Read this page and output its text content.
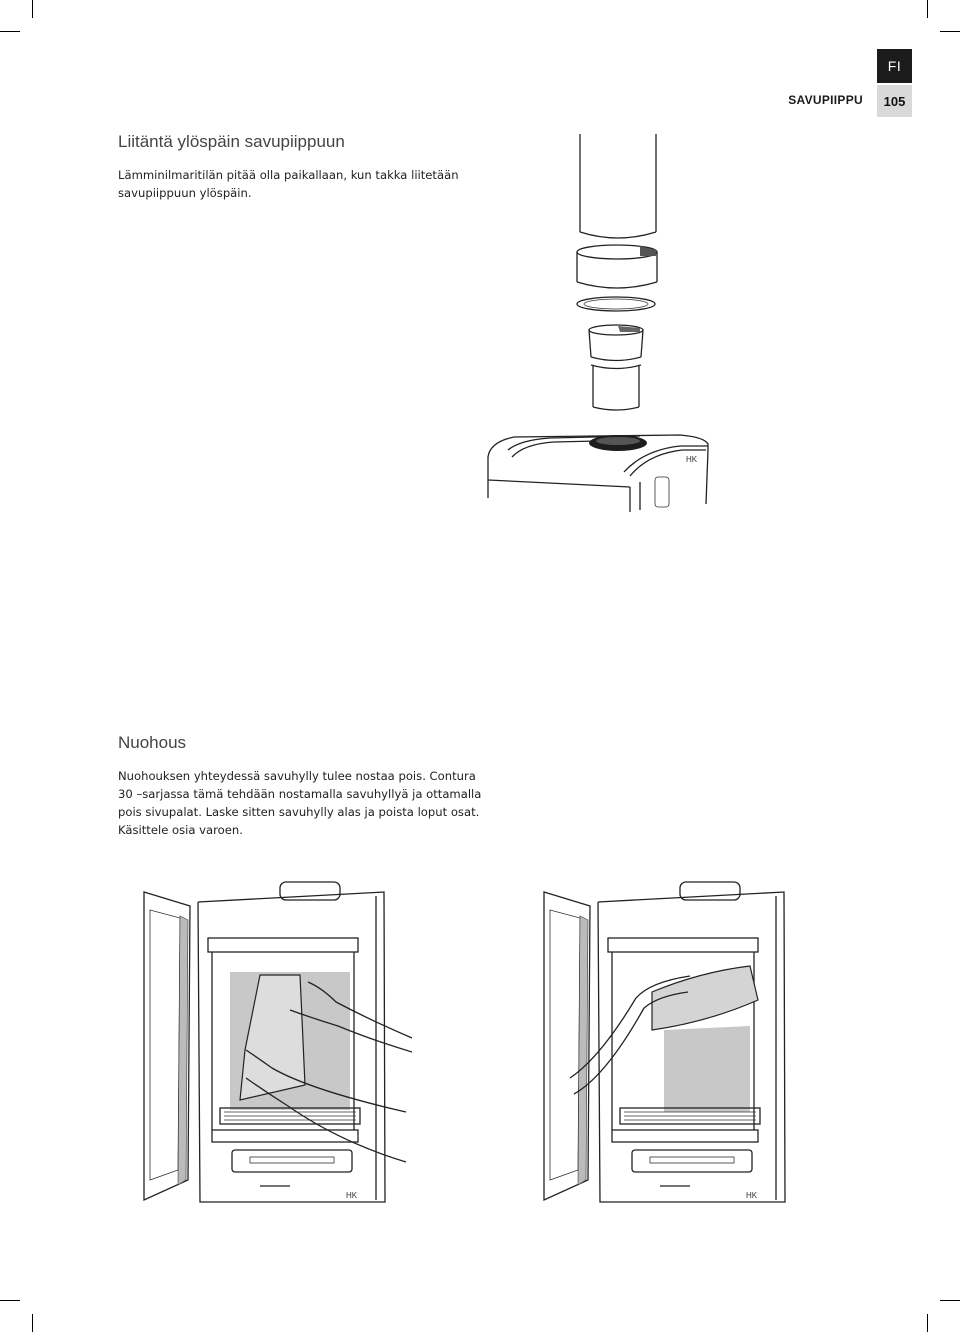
FI
105
SAVUPIIPPU
Liitäntä ylöspäin savupiippuun
Lämminilmaritilän pitää olla paikallaan, kun takka liitetään
savupiippuun ylöspäin.
HK
Nuohous
Nuohouksen yhteydessä savuhylly tulee nostaa pois. Contura
30 –sarjassa tämä tehdään nostamalla savuhyllyä ja ottamalla
pois sivupalat. Laske sitten savuhylly alas ja poista loput osat.
Käsittele osia varoen.
HK	HK
